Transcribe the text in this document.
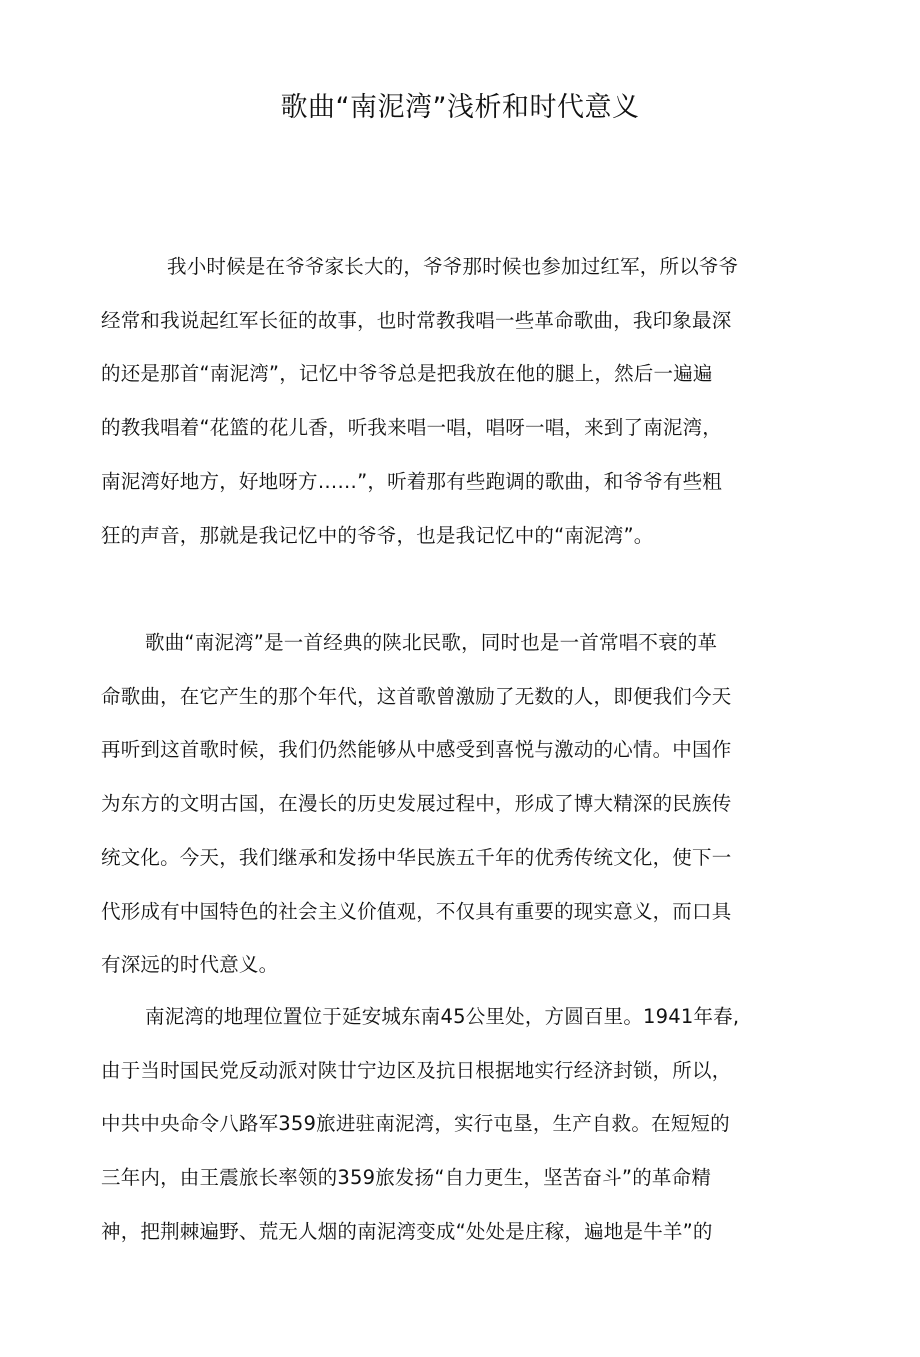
歌曲“南泥湾”浅析和时代意义
我小时候是在爷爷家长大的，爷爷那时候也参加过红军，所以爷爷
经常和我说起红军长征的故事，也时常教我唱一些革命歌曲，我印象最深
的还是那首“南泥湾”，记忆中爷爷总是把我放在他的腿上，然后一遍遍
的教我唱着“花篮的花儿香，听我来唱一唱，唱呀一唱，来到了南泥湾，
南泥湾好地方，好地呀方……”，听着那有些跑调的歌曲，和爷爷有些粗
狂的声音，那就是我记忆中的爷爷，也是我记忆中的“南泥湾”。
歌曲“南泥湾”是一首经典的陕北民歌，同时也是一首常唱不衰的革
命歌曲，在它产生的那个年代，这首歌曾激励了无数的人，即便我们今天
再听到这首歌时候，我们仍然能够从中感受到喜悦与激动的心情。中国作
为东方的文明古国，在漫长的历史发展过程中，形成了博大精深的民族传
统文化。今天，我们继承和发扬中华民族五千年的优秀传统文化，使下一
代形成有中国特色的社会主义价值观，不仅具有重要的现实意义，而口具
有深远的时代意义。
南泥湾的地理位置位于延安城东南45公里处，方圆百里。1941年春,
由于当时国民党反动派对陕廿宁边区及抗日根据地实行经济封锁，所以，
中共中央命令八路军359旅进驻南泥湾，实行屯垦，生产自救。在短短的
三年内，由王震旅长率领的359旅发扬“自力更生，坚苦奋斗”的革命精
神，把荆棘遍野、荒无人烟的南泥湾变成“处处是庄稼，遍地是牛羊”的
